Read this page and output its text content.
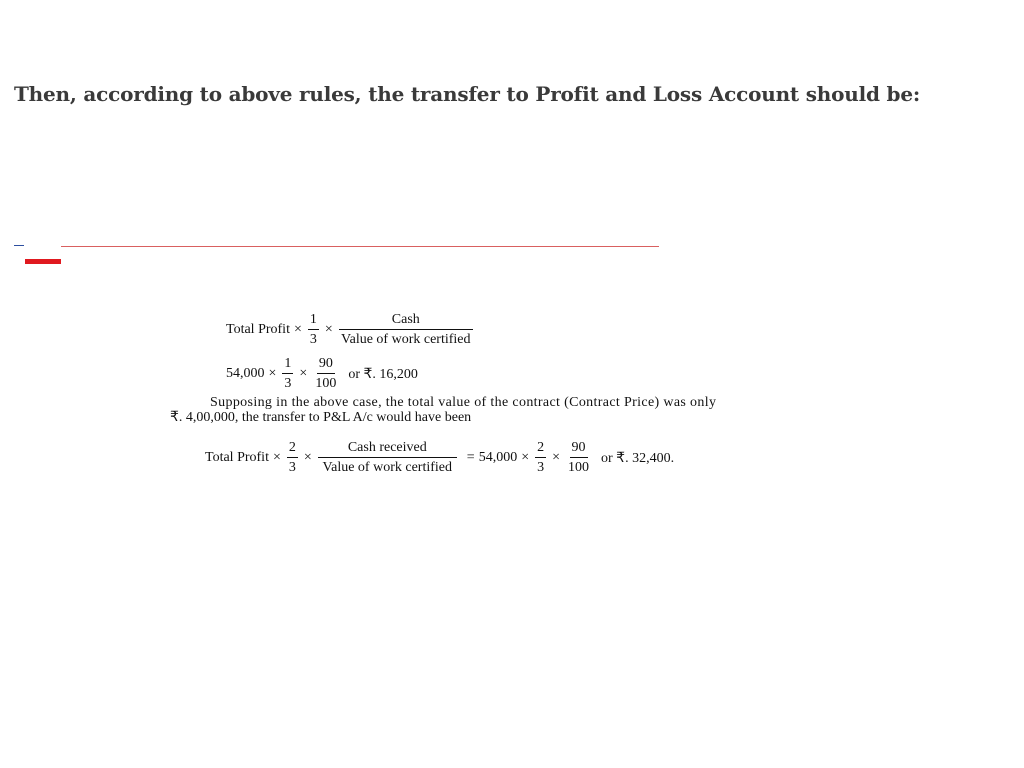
Then, according to above rules, the transfer to Profit and Loss Account should be:
Total Profit × $\frac{1}{3} \times \frac{\text{Cash}}{\text{Value of work certified}}$
$54,000 \times \frac{1}{3} \times \frac{90}{100}$ or ₹. 16,200
Supposing in the above case, the total value of the contract (Contract Price) was only
₹. 4,00,000, the transfer to P&L A/c would have been
Total Profit × $\frac{2}{3} \times \frac{\text{Cash received}}{\text{Value of work certified}} = 54,000 \times \frac{2}{3} \times \frac{90}{100}$ or ₹. 32,400.
